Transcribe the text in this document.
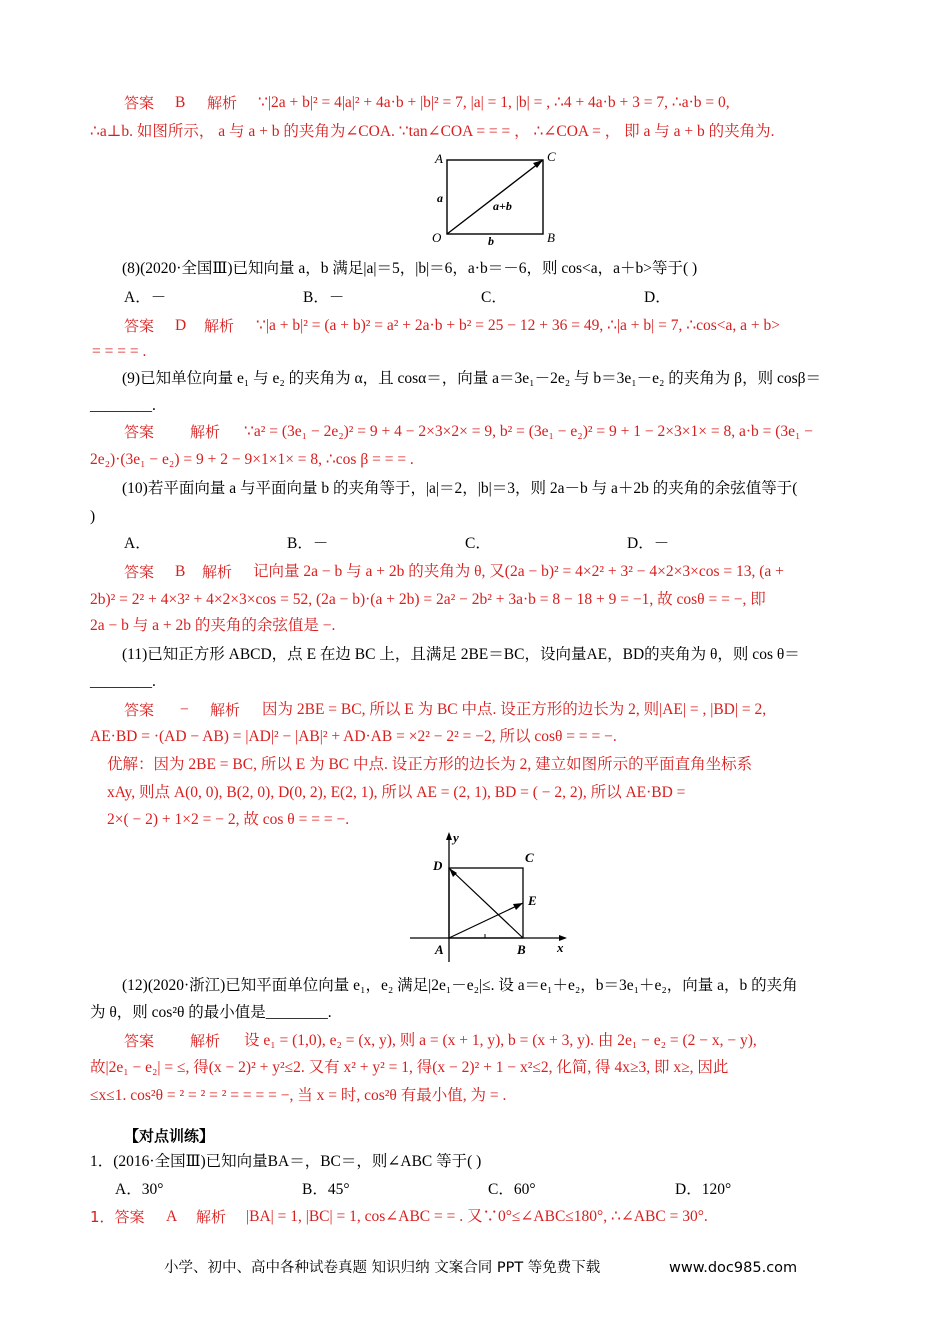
答案 B 解析 ∵|2a + b|² = 4|a|² + 4a·b + |b|² = 7, |a| = 1, |b| = , ∴4 + 4a·b + 3 = 7, ∴a·b = 0,
∴a⊥b. 如图所示， a 与 a + b 的夹角为∠COA. ∵tan∠COA = = = ， ∴∠COA = ， 即 a 与 a + b 的夹角为.
A	C
O	B
a
a+b
b
(8)(2020·全国Ⅲ)已知向量 a，b 满足|a|＝5，|b|＝6，a·b＝－6，则 cos<a，a＋b>等于( )
A．－	B．－	C．	D．
答案 D 解析 ∵|a + b|² = (a + b)² = a² + 2a·b + b² = 25 − 12 + 36 = 49, ∴|a + b| = 7, ∴cos<a, a + b>
= = = = .
(9)已知单位向量 e₁ 与 e₂ 的夹角为 α，且 cosα＝，向量 a＝3e₁－2e₂ 与 b＝3e₁－e₂ 的夹角为 β，则 cosβ＝
________.
答案 解析 ∵a² = (3e₁ − 2e₂)² = 9 + 4 − 2×3×2× = 9, b² = (3e₁ − e₂)² = 9 + 1 − 2×3×1× = 8, a·b = (3e₁ −
2e₂)·(3e₁ − e₂) = 9 + 2 − 9×1×1× = 8, ∴cos β = = = .
(10)若平面向量 a 与平面向量 b 的夹角等于，|a|＝2，|b|＝3，则 2a－b 与 a＋2b 的夹角的余弦值等于(
)
A．	B．－	C．	D．－
答案 B 解析 记向量 2a − b 与 a + 2b 的夹角为 θ, 又(2a − b)² = 4×2² + 3² − 4×2×3×cos = 13, (a +
2b)² = 2² + 4×3² + 4×2×3×cos = 52, (2a − b)·(a + 2b) = 2a² − 2b² + 3a·b = 8 − 18 + 9 = −1, 故 cosθ = = −, 即
2a − b 与 a + 2b 的夹角的余弦值是 −.
(11)已知正方形 ABCD，点 E 在边 BC 上，且满足 2BE＝BC，设向量AE，BD的夹角为 θ，则 cos θ＝
________.
答案 − 解析 因为 2BE = BC, 所以 E 为 BC 中点. 设正方形的边长为 2, 则|AE| = , |BD| = 2,
AE·BD = ·(AD − AB) = |AD|² − |AB|² + AD·AB = ×2² − 2² = −2, 所以 cosθ = = = −.
优解：因为 2BE = BC, 所以 E 为 BC 中点. 设正方形的边长为 2, 建立如图所示的平面直角坐标系
xAy, 则点 A(0, 0), B(2, 0), D(0, 2), E(2, 1), 所以 AE = (2, 1), BD = ( − 2, 2), 所以 AE·BD =
2×( − 2) + 1×2 = − 2, 故 cos θ = = = −.
y
x
D
C
E
A	B
(12)(2020·浙江)已知平面单位向量 e₁，e₂ 满足|2e₁－e₂|≤. 设 a＝e₁＋e₂，b＝3e₁＋e₂，向量 a，b 的夹角
为 θ，则 cos²θ 的最小值是________.
答案 解析 设 e₁ = (1,0), e₂ = (x, y), 则 a = (x + 1, y), b = (x + 3, y). 由 2e₁ − e₂ = (2 − x, − y),
故|2e₁ − e₂| = ≤, 得(x − 2)² + y²≤2. 又有 x² + y² = 1, 得(x − 2)² + 1 − x²≤2, 化简, 得 4x≥3, 即 x≥, 因此
≤x≤1. cos²θ = ² = ² = ² = = = = −, 当 x = 时, cos²θ 有最小值, 为 = .
【对点训练】
1．(2016·全国Ⅲ)已知向量BA＝，BC＝，则∠ABC 等于( )
A．30°	B．45°	C．60°	D．120°
1．答案 A 解析 |BA| = 1, |BC| = 1, cos∠ABC = = . 又∵0°≤∠ABC≤180°, ∴∠ABC = 30°.
小学、初中、高中各种试卷真题 知识归纳 文案合同 PPT 等免费下载	www.doc985.com
